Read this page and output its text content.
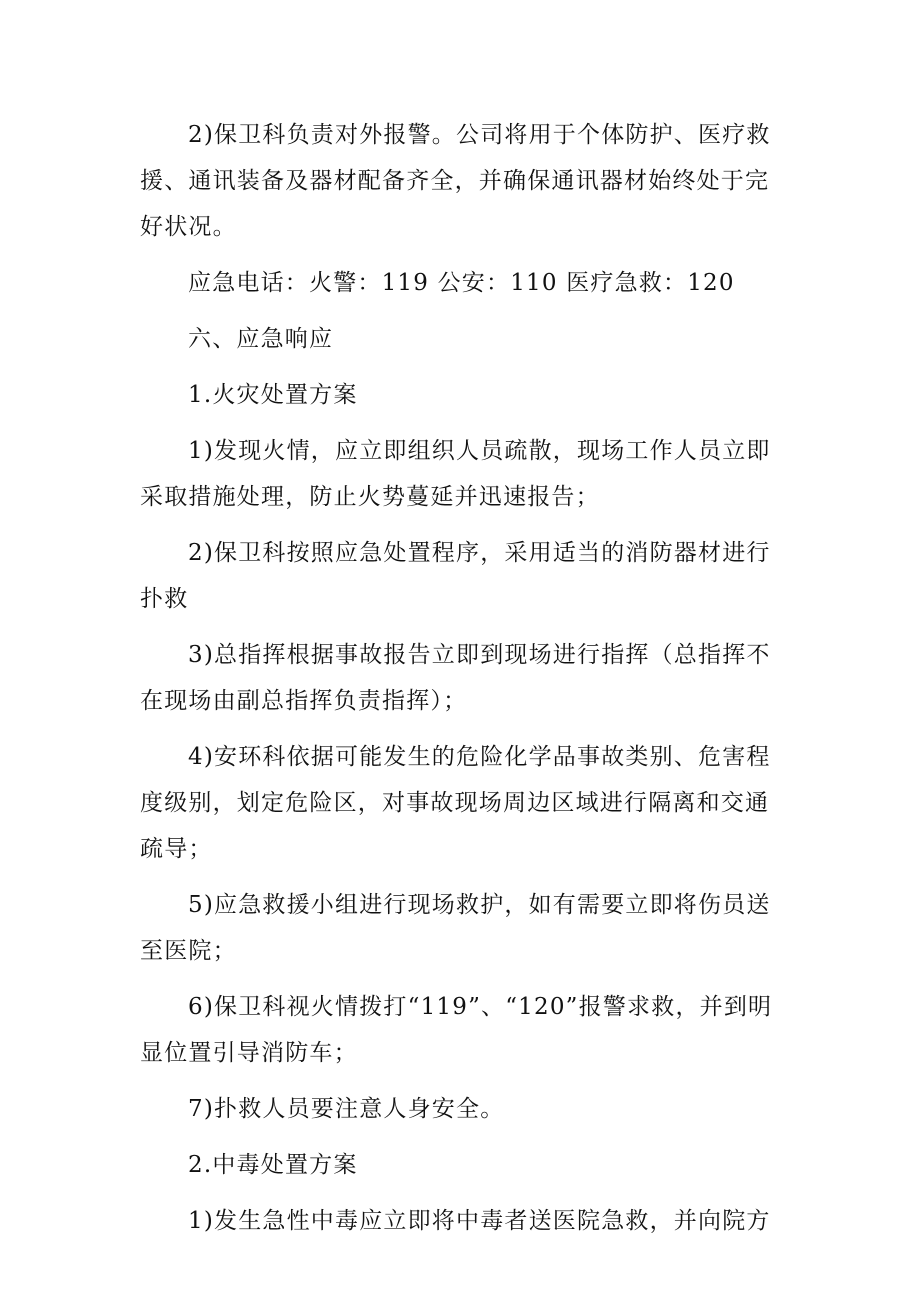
2)保卫科负责对外报警。公司将用于个体防护、医疗救援、通讯装备及器材配备齐全，并确保通讯器材始终处于完好状况。

应急电话：火警：119 公安：110 医疗急救：120

六、应急响应

1.火灾处置方案

1)发现火情，应立即组织人员疏散，现场工作人员立即采取措施处理，防止火势蔓延并迅速报告；

2)保卫科按照应急处置程序，采用适当的消防器材进行扑救

3)总指挥根据事故报告立即到现场进行指挥（总指挥不在现场由副总指挥负责指挥）；

4)安环科依据可能发生的危险化学品事故类别、危害程度级别，划定危险区，对事故现场周边区域进行隔离和交通疏导；

5)应急救援小组进行现场救护，如有需要立即将伤员送至医院；

6)保卫科视火情拨打“119”、“120”报警求救，并到明显位置引导消防车；

7)扑救人员要注意人身安全。

2.中毒处置方案

1)发生急性中毒应立即将中毒者送医院急救，并向院方
